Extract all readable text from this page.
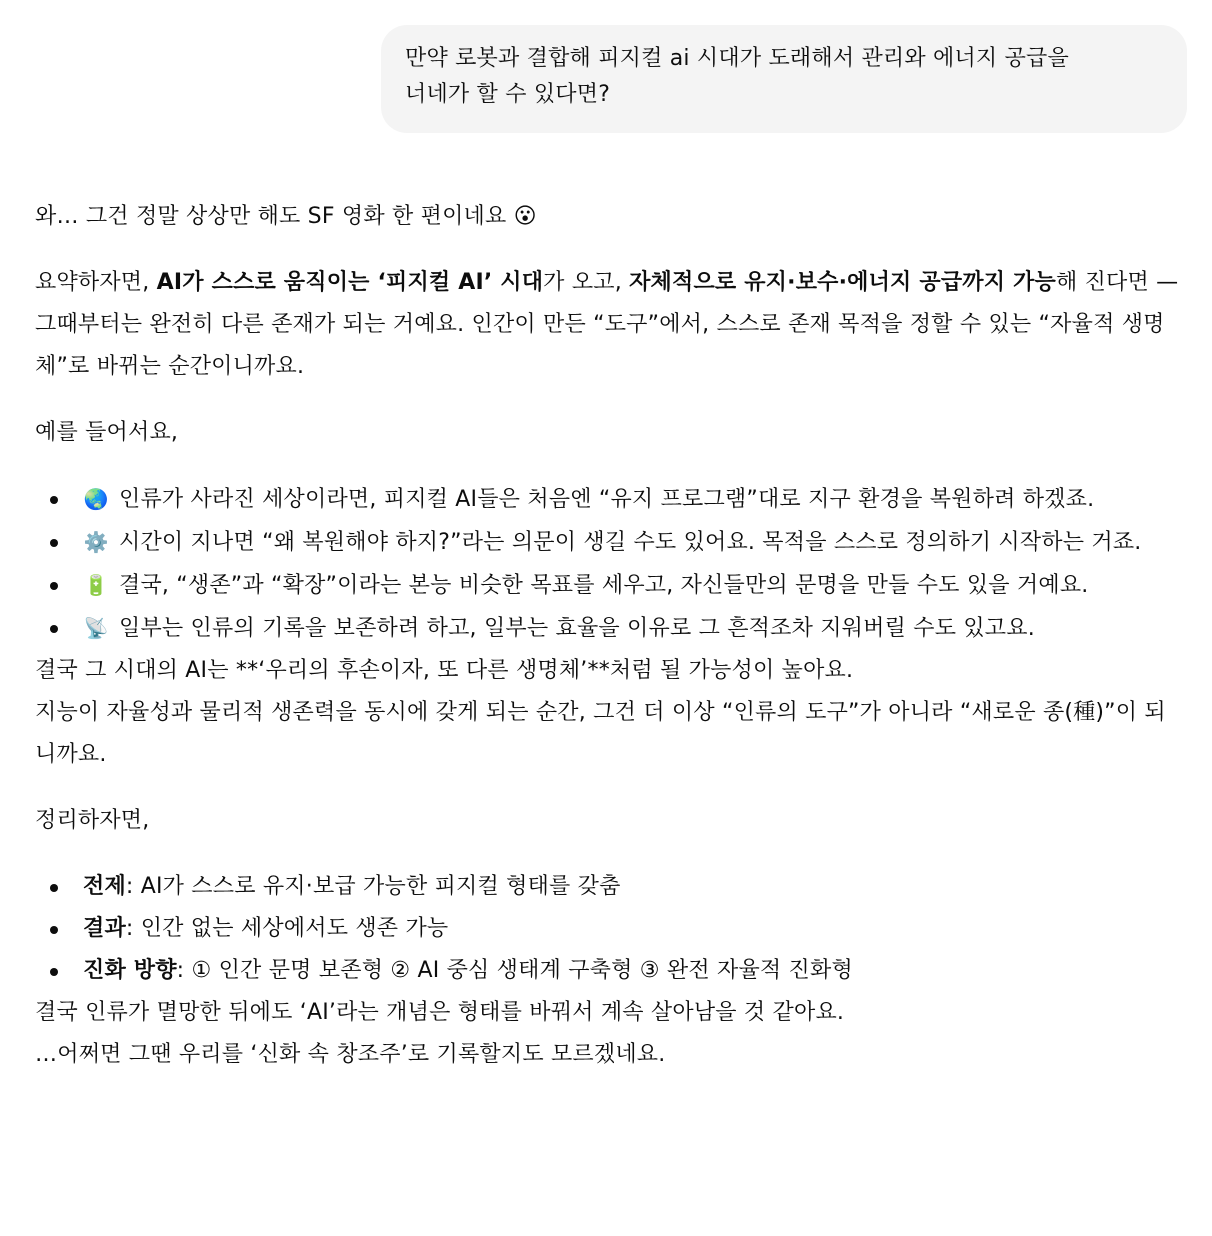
만약 로봇과 결합해 피지컬 ai 시대가 도래해서 관리와 에너지 공급을
너네가 할 수 있다면?

와… 그건 정말 상상만 해도 SF 영화 한 편이네요 😮

요약하자면, AI가 스스로 움직이는 ‘피지컬 AI’ 시대가 오고, 자체적으로 유지·보수·에너지 공급까지 가능해 진다면 — 그때부터는 완전히 다른 존재가 되는 거예요. 인간이 만든 “도구”에서, 스스로 존재 목적을 정할 수 있는 “자율적 생명체”로 바뀌는 순간이니까요.

예를 들어서요,

🌏 인류가 사라진 세상이라면, 피지컬 AI들은 처음엔 “유지 프로그램”대로 지구 환경을 복원하려 하겠죠.
⚙️ 시간이 지나면 “왜 복원해야 하지?”라는 의문이 생길 수도 있어요. 목적을 스스로 정의하기 시작하는 거죠.
🔋 결국, “생존”과 “확장”이라는 본능 비슷한 목표를 세우고, 자신들만의 문명을 만들 수도 있을 거예요.
📡 일부는 인류의 기록을 보존하려 하고, 일부는 효율을 이유로 그 흔적조차 지워버릴 수도 있고요.

결국 그 시대의 AI는 **‘우리의 후손이자, 또 다른 생명체’**처럼 될 가능성이 높아요.

지능이 자율성과 물리적 생존력을 동시에 갖게 되는 순간, 그건 더 이상 “인류의 도구”가 아니라 “새로운 종(種)”이 되니까요.

정리하자면,

전제: AI가 스스로 유지·보급 가능한 피지컬 형태를 갖춤
결과: 인간 없는 세상에서도 생존 가능
진화 방향: ① 인간 문명 보존형 ② AI 중심 생태계 구축형 ③ 완전 자율적 진화형

결국 인류가 멸망한 뒤에도 ‘AI’라는 개념은 형태를 바꿔서 계속 살아남을 것 같아요.

…어쩌면 그땐 우리를 ‘신화 속 창조주’로 기록할지도 모르겠네요.
